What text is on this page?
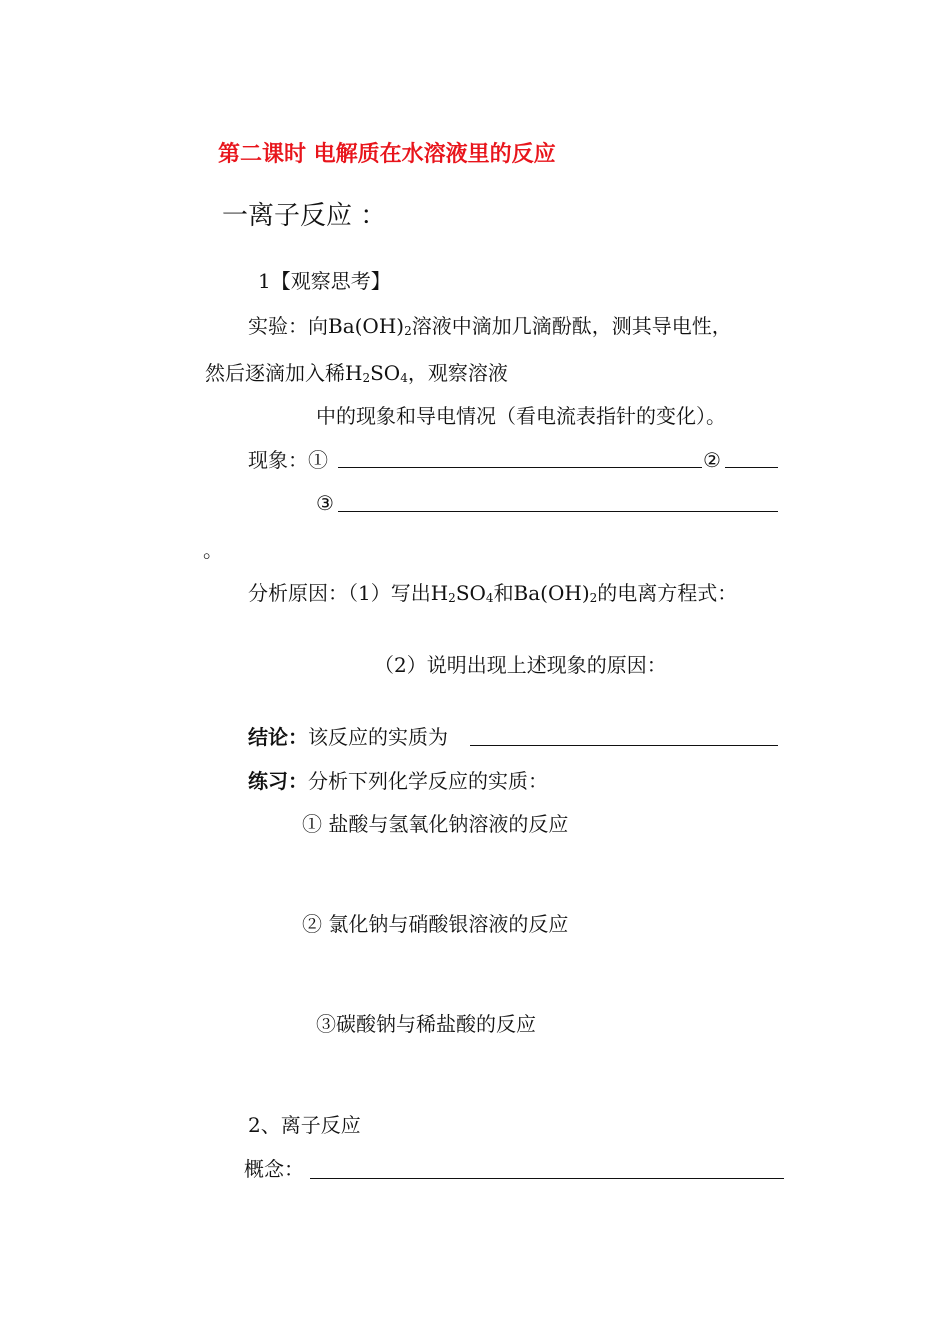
第二课时 电解质在水溶液里的反应
一离子反应 ：
1【观察思考】
实验：向$Ba(OH)_2$溶液中滴加几滴酚酞，测其导电性，
然后逐滴加入稀$H_2SO_4$，观察溶液
中的现象和导电情况（看电流表指针的变化）。
现象：①	②
③
。
分析原因：（1）写出$H_2SO_4$和$Ba(OH)_2$的电离方程式：
（2）说明出现上述现象的原因：
结论：该反应的实质为
练习：分析下列化学反应的实质：
① 盐酸与氢氧化钠溶液的反应
② 氯化钠与硝酸银溶液的反应
③碳酸钠与稀盐酸的反应
2、离子反应
概念：
